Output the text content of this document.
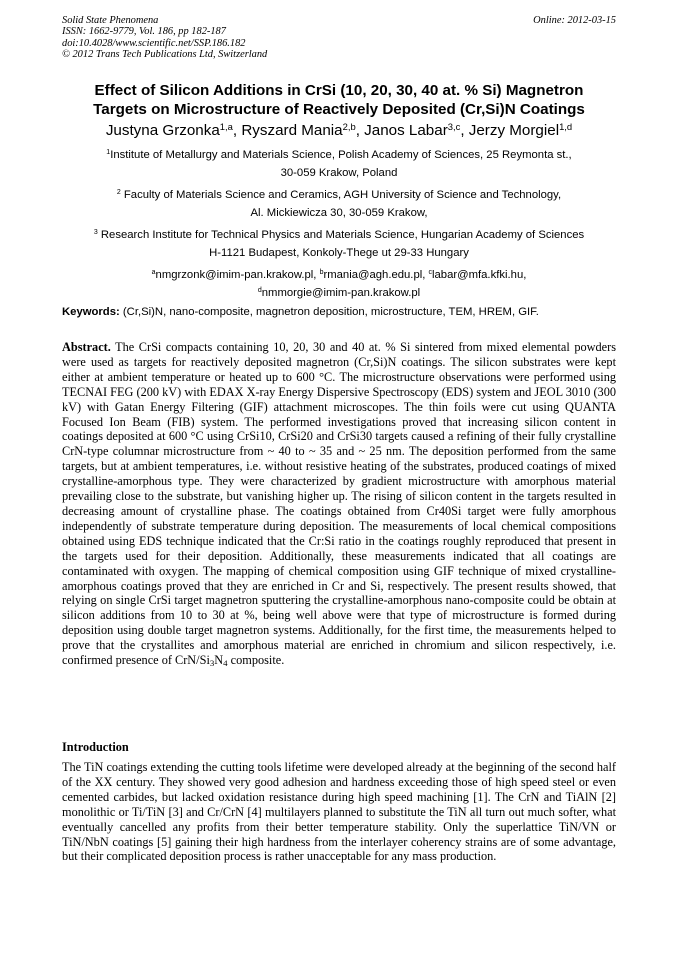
Solid State Phenomena
ISSN: 1662-9779, Vol. 186, pp 182-187
doi:10.4028/www.scientific.net/SSP.186.182
© 2012 Trans Tech Publications Ltd, Switzerland
Online: 2012-03-15
Effect of Silicon Additions in CrSi (10, 20, 30, 40 at. % Si) Magnetron
Targets on Microstructure of Reactively Deposited (Cr,Si)N Coatings
Justyna Grzonka$^{1,a}$, Ryszard Mania$^{2,b}$, Janos Labar$^{3,c}$, Jerzy Morgiel$^{1,d}$
$^1$Institute of Metallurgy and Materials Science, Polish Academy of Sciences, 25 Reymonta st.,
30-059 Krakow, Poland
$^2$ Faculty of Materials Science and Ceramics, AGH University of Science and Technology,
Al. Mickiewicza 30, 30-059 Krakow,
$^3$ Research Institute for Technical Physics and Materials Science, Hungarian Academy of Sciences
H-1121 Budapest, Konkoly-Thege ut 29-33 Hungary
$^a$nmgrzonk@imim-pan.krakow.pl, $^b$rmania@agh.edu.pl, $^c$labar@mfa.kfki.hu,
$^d$nmmorgie@imim-pan.krakow.pl
Keywords: (Cr,Si)N, nano-composite, magnetron deposition, microstructure, TEM, HREM, GIF.
Abstract. The CrSi compacts containing 10, 20, 30 and 40 at. % Si sintered from mixed elemental powders were used as targets for reactively deposited magnetron (Cr,Si)N coatings. The silicon substrates were kept either at ambient temperature or heated up to 600 °C. The microstructure observations were performed using TECNAI FEG (200 kV) with EDAX X-ray Energy Dispersive Spectroscopy (EDS) system and JEOL 3010 (300 kV) with Gatan Energy Filtering (GIF) attachment microscopes. The thin foils were cut using QUANTA Focused Ion Beam (FIB) system. The performed investigations proved that increasing silicon content in coatings deposited at 600 °C using CrSi10, CrSi20 and CrSi30 targets caused a refining of their fully crystalline CrN-type columnar microstructure from ~ 40 to ~ 35 and ~ 25 nm. The deposition performed from the same targets, but at ambient temperatures, i.e. without resistive heating of the substrates, produced coatings of mixed crystalline-amorphous type. They were characterized by gradient microstructure with amorphous material prevailing close to the substrate, but vanishing higher up. The rising of silicon content in the targets resulted in decreasing amount of crystalline phase. The coatings obtained from Cr40Si target were fully amorphous independently of substrate temperature during deposition. The measurements of local chemical compositions obtained using EDS technique indicated that the Cr:Si ratio in the coatings roughly reproduced that present in the targets used for their deposition. Additionally, these measurements indicated that all coatings are contaminated with oxygen. The mapping of chemical composition using GIF technique of mixed crystalline-amorphous coatings proved that they are enriched in Cr and Si, respectively. The present results showed, that relying on single CrSi target magnetron sputtering the crystalline-amorphous nano-composite could be obtain at silicon additions from 10 to 30 at %, being well above were that type of microstructure is formed during deposition using double target magnetron systems. Additionally, for the first time, the measurements helped to prove that the crystallites and amorphous material are enriched in chromium and silicon respectively, i.e. confirmed presence of CrN/$Si_3N_4$ composite.
Introduction
The TiN coatings extending the cutting tools lifetime were developed already at the beginning of the second half of the XX century. They showed very good adhesion and hardness exceeding those of high speed steel or even cemented carbides, but lacked oxidation resistance during high speed machining [1]. The CrN and TiAlN [2] monolithic or Ti/TiN [3] and Cr/CrN [4] multilayers planned to substitute the TiN all turn out much softer, what eventually cancelled any profits from their better temperature stability. Only the superlattice TiN/VN or TiN/NbN coatings [5] gaining their high hardness from the interlayer coherency strains are of some advantage, but their complicated deposition process is rather unacceptable for any mass production.
